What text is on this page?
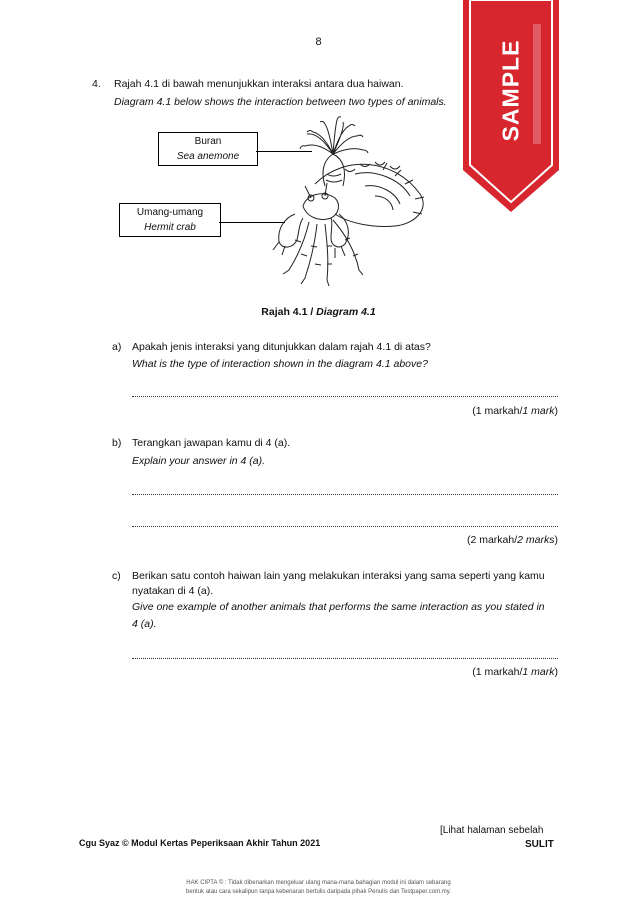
8	SAMPLE
4. Rajah 4.1 di bawah menunjukkan interaksi antara dua haiwan.
Diagram 4.1 below shows the interaction between two types of animals.
Buran
Sea anemone
Umang-umang
Hermit crab
Rajah 4.1 / Diagram 4.1
a) Apakah jenis interaksi yang ditunjukkan dalam rajah 4.1 di atas?
What is the type of interaction shown in the diagram 4.1 above?
(1 markah/1 mark)
b) Terangkan jawapan kamu di 4 (a).
Explain your answer in 4 (a).
(2 markah/2 marks)
c) Berikan satu contoh haiwan lain yang melakukan interaksi yang sama seperti yang kamu
nyatakan di 4 (a).
Give one example of another animals that performs the same interaction as you stated in
4 (a).
(1 markah/1 mark)
Cgu Syaz © Modul Kertas Peperiksaan Akhir Tahun 2021
[Lihat halaman sebelah
SULIT
HAK CIPTA © : Tidak dibenarkan mengeluar ulang mana-mana bahagian modul ini dalam sebarang
bentuk atau cara sekalipun tanpa kebenaran bertulis daripada pihak Penulis dan Testpaper.com.my.
